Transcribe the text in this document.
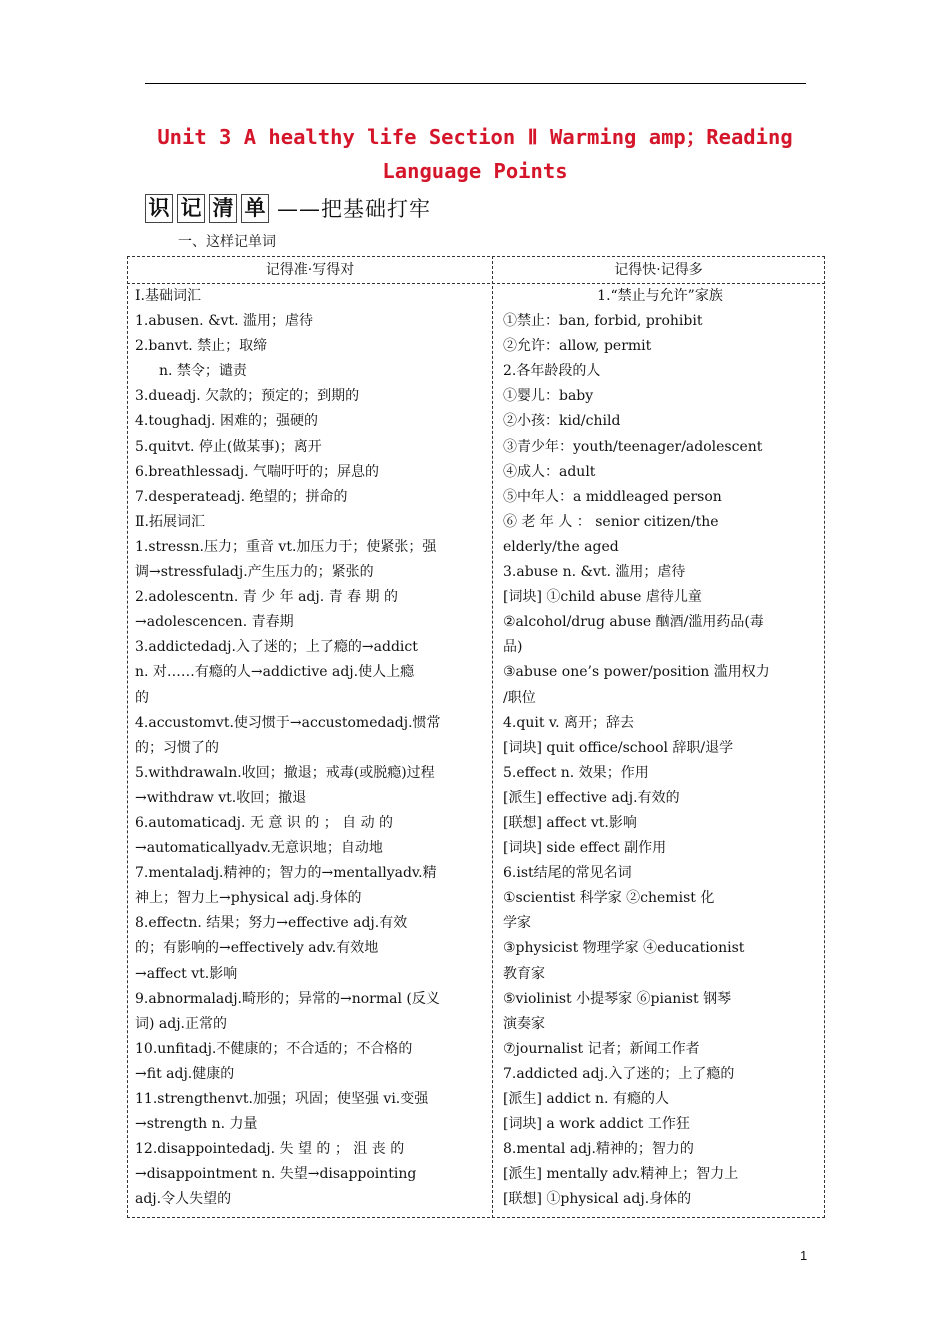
Unit 3 A healthy life Section Ⅱ Warming amp；Reading
Language Points
识 记 清 单 ——把基础打牢
一、这样记单词
记得准·写得对	记得快·记得多
Ⅰ.基础词汇
1.abusen. &vt. 滥用；虐待
2.banvt. 禁止；取缔
n. 禁令；谴责
3.dueadj. 欠款的；预定的；到期的
4.toughadj. 困难的；强硬的
5.quitvt. 停止(做某事)；离开
6.breathlessadj. 气喘吁吁的；屏息的
7.desperateadj. 绝望的；拼命的
Ⅱ.拓展词汇
1.stressn.压力；重音 vt.加压力于；使紧张；强
调→stressfuladj.产生压力的；紧张的
2.adolescentn. 青 少 年 adj. 青 春 期 的
→adolescencen. 青春期
3.addictedadj.入了迷的；上了瘾的→addict
n. 对……有瘾的人→addictive adj.使人上瘾
的
4.accustomvt.使习惯于→accustomedadj.惯常
的；习惯了的
5.withdrawaln.收回；撤退；戒毒(或脱瘾)过程
→withdraw vt.收回；撤退
6.automaticadj. 无 意 识 的 ； 自 动 的
→automaticallyadv.无意识地；自动地
7.mentaladj.精神的；智力的→mentallyadv.精
神上；智力上→physical adj.身体的
8.effectn. 结果；努力→effective adj.有效
的；有影响的→effectively adv.有效地
→affect vt.影响
9.abnormaladj.畸形的；异常的→normal (反义
词) adj.正常的
10.unfitadj.不健康的；不合适的；不合格的
→fit adj.健康的
11.strengthenvt.加强；巩固；使坚强 vi.变强
→strength n. 力量
12.disappointedadj. 失 望 的 ； 沮 丧 的
→disappointment n. 失望→disappointing
adj.令人失望的
1.“禁止与允许”家族
①禁止：ban, forbid, prohibit
②允许：allow, permit
2.各年龄段的人
①婴儿：baby
②小孩：kid/child
③青少年：youth/teenager/adolescent
④成人：adult
⑤中年人：a middleaged person
⑥ 老 年 人 ： senior citizen/the
elderly/the aged
3.abuse n. &vt. 滥用；虐待
[词块] ①child abuse 虐待儿童
②alcohol/drug abuse 酗酒/滥用药品(毒
品)
③abuse one’s power/position 滥用权力
/职位
4.quit v. 离开；辞去
[词块] quit office/school 辞职/退学
5.effect n. 效果；作用
[派生] effective adj.有效的
[联想] affect vt.影响
[词块] side effect 副作用
6.ist结尾的常见名词
①scientist 科学家 ②chemist 化
学家
③physicist 物理学家 ④educationist
教育家
⑤violinist 小提琴家 ⑥pianist 钢琴
演奏家
⑦journalist 记者；新闻工作者
7.addicted adj.入了迷的；上了瘾的
[派生] addict n. 有瘾的人
[词块] a work addict 工作狂
8.mental adj.精神的；智力的
[派生] mentally adv.精神上；智力上
[联想] ①physical adj.身体的
1
